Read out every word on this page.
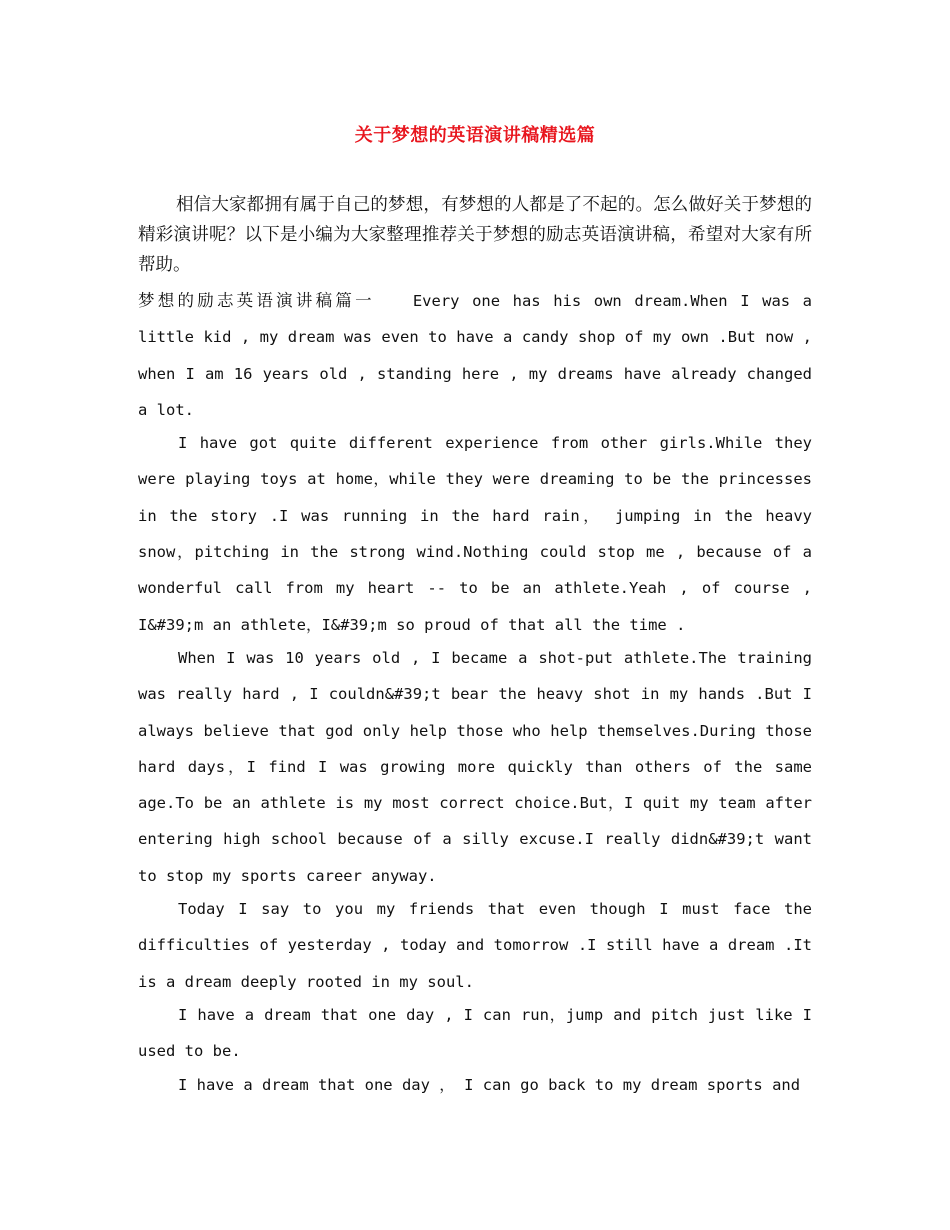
关于梦想的英语演讲稿精选篇

相信大家都拥有属于自己的梦想，有梦想的人都是了不起的。怎么做好关于梦想的精彩演讲呢？以下是小编为大家整理推荐关于梦想的励志英语演讲稿，希望对大家有所帮助。

梦想的励志英语演讲稿篇一 Every one has his own dream.When I was a little kid , my dream was even to have a candy shop of my own .But now , when I am 16 years old , standing here , my dreams have already changed a lot.

I have got quite different experience from other girls.While they were playing toys at home，while they were dreaming to be the princesses in the story .I was running in the hard rain， jumping in the heavy snow，pitching in the strong wind.Nothing could stop me , because of a wonderful call from my heart -- to be an athlete.Yeah , of course , I&#39;m an athlete，I&#39;m so proud of that all the time .

When I was 10 years old , I became a shot-put athlete.The training was really hard , I couldn&#39;t bear the heavy shot in my hands .But I always believe that god only help those who help themselves.During those hard days，I find I was growing more quickly than others of the same age.To be an athlete is my most correct choice.But，I quit my team after entering high school because of a silly excuse.I really didn&#39;t want to stop my sports career anyway.

Today I say to you my friends that even though I must face the difficulties of yesterday , today and tomorrow .I still have a dream .It is a dream deeply rooted in my soul.

I have a dream that one day , I can run，jump and pitch just like I used to be.

I have a dream that one day ， I can go back to my dream sports and
